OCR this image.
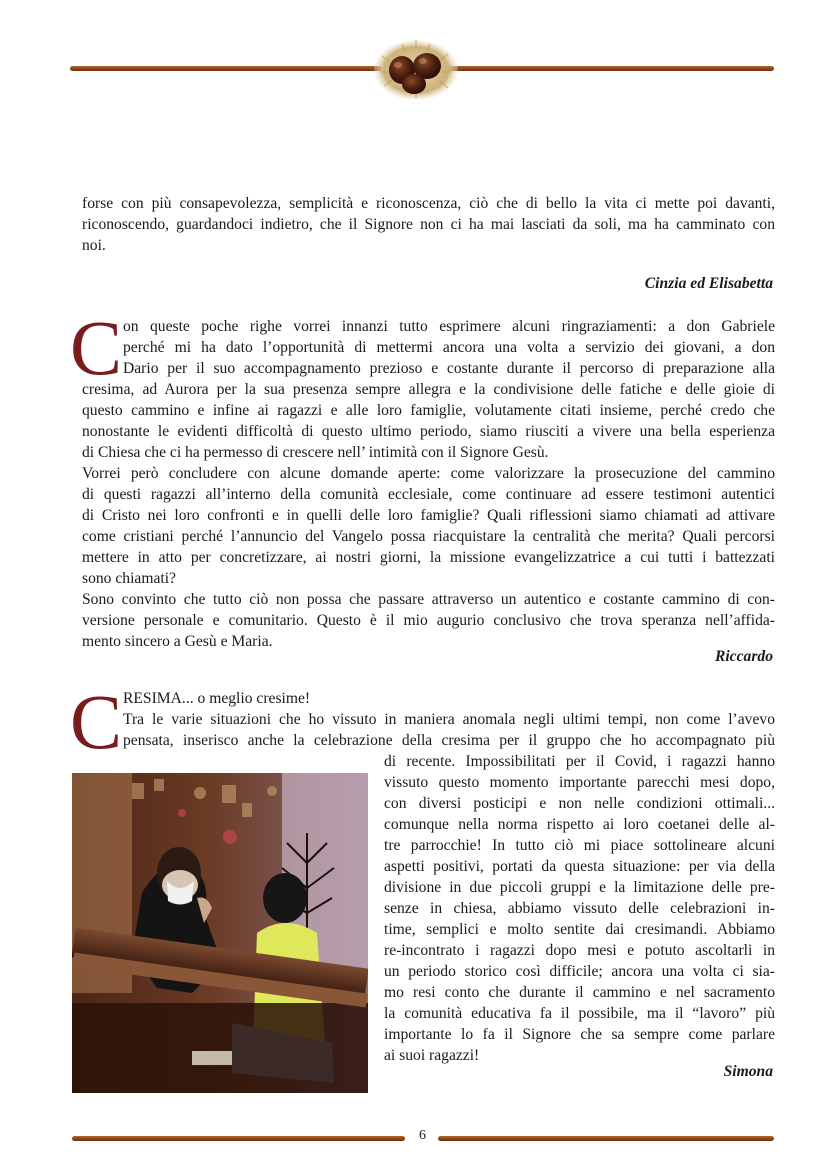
forse con più consapevolezza, semplicità e riconoscenza, ciò che di bello la vita ci mette poi davanti,
riconoscendo, guardandoci indietro, che il Signore non ci ha mai lasciati da soli, ma ha camminato con
noi.
Cinzia ed Elisabetta
C on queste poche righe vorrei innanzi tutto esprimere alcuni ringraziamenti: a don Gabriele
perché mi ha dato l’opportunità di mettermi ancora una volta a servizio dei giovani, a don
Dario per il suo accompagnamento prezioso e costante durante il percorso di preparazione alla
cresima, ad Aurora per la sua presenza sempre allegra e la condivisione delle fatiche e delle gioie di
questo cammino e infine ai ragazzi e alle loro famiglie, volutamente citati insieme, perché credo che
nonostante le evidenti difficoltà di questo ultimo periodo, siamo riusciti a vivere una bella esperienza
di Chiesa che ci ha permesso di crescere nell’ intimità con il Signore Gesù.
Vorrei però concludere con alcune domande aperte: come valorizzare la prosecuzione del cammino
di questi ragazzi all’interno della comunità ecclesiale, come continuare ad essere testimoni autentici
di Cristo nei loro confronti e in quelli delle loro famiglie? Quali riflessioni siamo chiamati ad attivare
come cristiani perché l’annuncio del Vangelo possa riacquistare la centralità che merita? Quali percorsi
mettere in atto per concretizzare, ai nostri giorni, la missione evangelizzatrice a cui tutti i battezzati
sono chiamati?
Sono convinto che tutto ciò non possa che passare attraverso un autentico e costante cammino di con-
versione personale e comunitario. Questo è il mio augurio conclusivo che trova speranza nell’affida-
mento sincero a Gesù e Maria.
Riccardo
C RESIMA... o meglio cresime!
Tra le varie situazioni che ho vissuto in maniera anomala negli ultimi tempi, non come l’avevo
pensata, inserisco anche la celebrazione della cresima per il gruppo che ho accompagnato più
di recente. Impossibilitati per il Covid, i ragazzi hanno
vissuto questo momento importante parecchi mesi dopo,
con diversi posticipi e non nelle condizioni ottimali...
comunque nella norma rispetto ai loro coetanei delle al-
tre parrocchie! In tutto ciò mi piace sottolineare alcuni
aspetti positivi, portati da questa situazione: per via della
divisione in due piccoli gruppi e la limitazione delle pre-
senze in chiesa, abbiamo vissuto delle celebrazioni in-
time, semplici e molto sentite dai cresimandi. Abbiamo
re-incontrato i ragazzi dopo mesi e potuto ascoltarli in
un periodo storico così difficile; ancora una volta ci sia-
mo resi conto che durante il cammino e nel sacramento
la comunità educativa fa il possibile, ma il “lavoro” più
importante lo fa il Signore che sa sempre come parlare
ai suoi ragazzi!
Simona
6
